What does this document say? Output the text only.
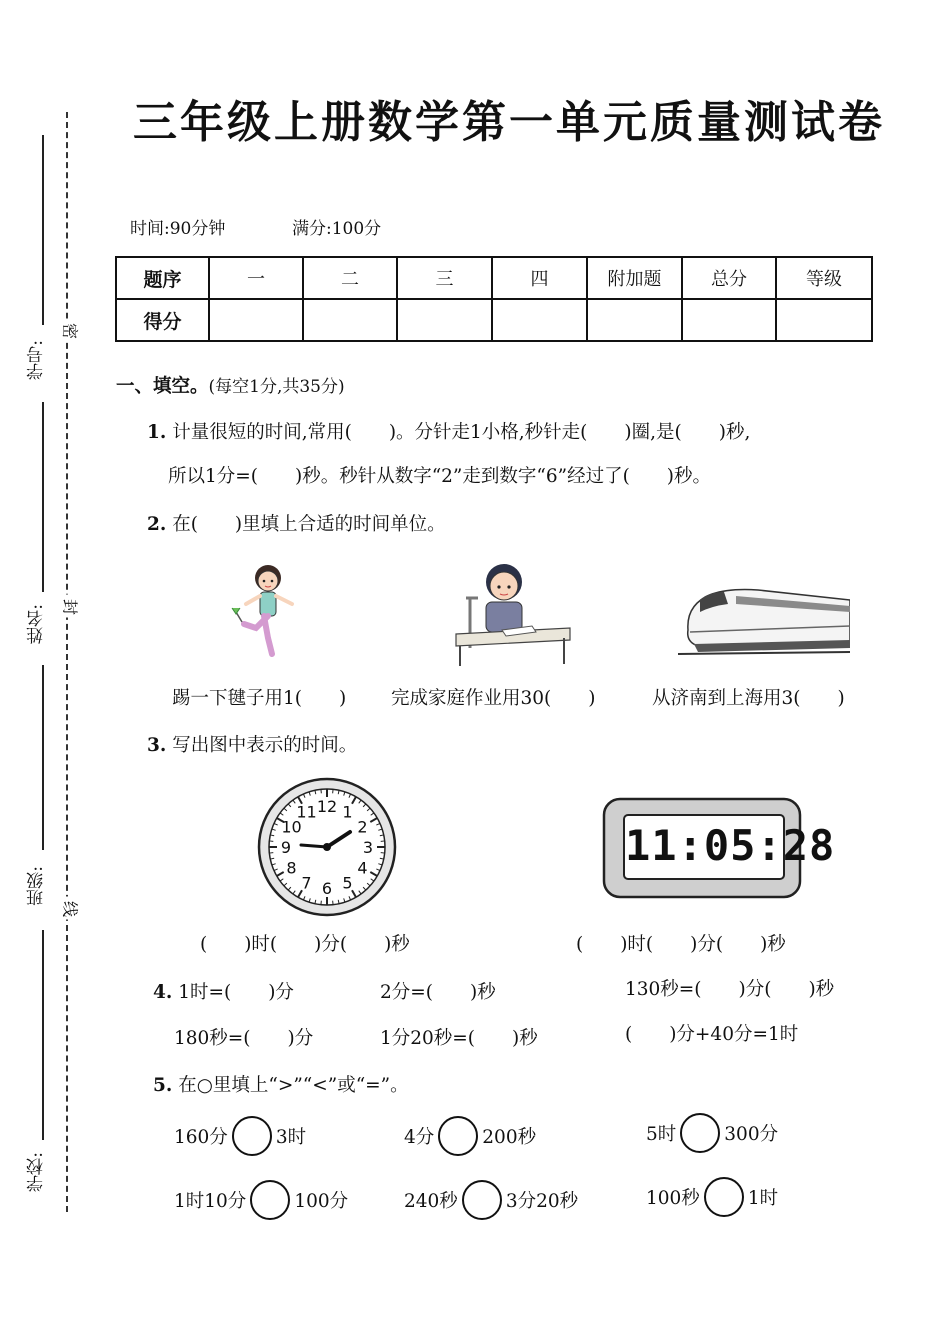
学号:
姓名:
班级:
学校:
密
封
线
三年级上册数学第一单元质量测试卷
时间:90分钟	满分:100分
题序	一	二	三	四	附加题	总分	等级
得分							
一、填空。(每空1分,共35分)
1. 计量很短的时间,常用(　　)。分针走1小格,秒针走(　　)圈,是(　　)秒,
所以1分=(　　)秒。秒针从数字“2”走到数字“6”经过了(　　)秒。
2. 在(　　)里填上合适的时间单位。
踢一下毽子用1(　　) 完成家庭作业用30(　　)	从济南到上海用3(　　)
3. 写出图中表示的时间。
12 1
2
3
4
5
6
7
8
9
10
11
11:05:28
(　　)时(　　)分(　　)秒	(　　)时(　　)分(　　)秒
4. 1时=(　　)分	2分=(　　)秒	130秒=(　　)分(　　)秒
180秒=(　　)分	1分20秒=(　　)秒	(　　)分+40分=1时
5. 在○里填上“>”“<”或“=”。
160分	3时	4分	200秒	5时	300分
1时10分	100分	240秒	3分20秒	100秒	1时
